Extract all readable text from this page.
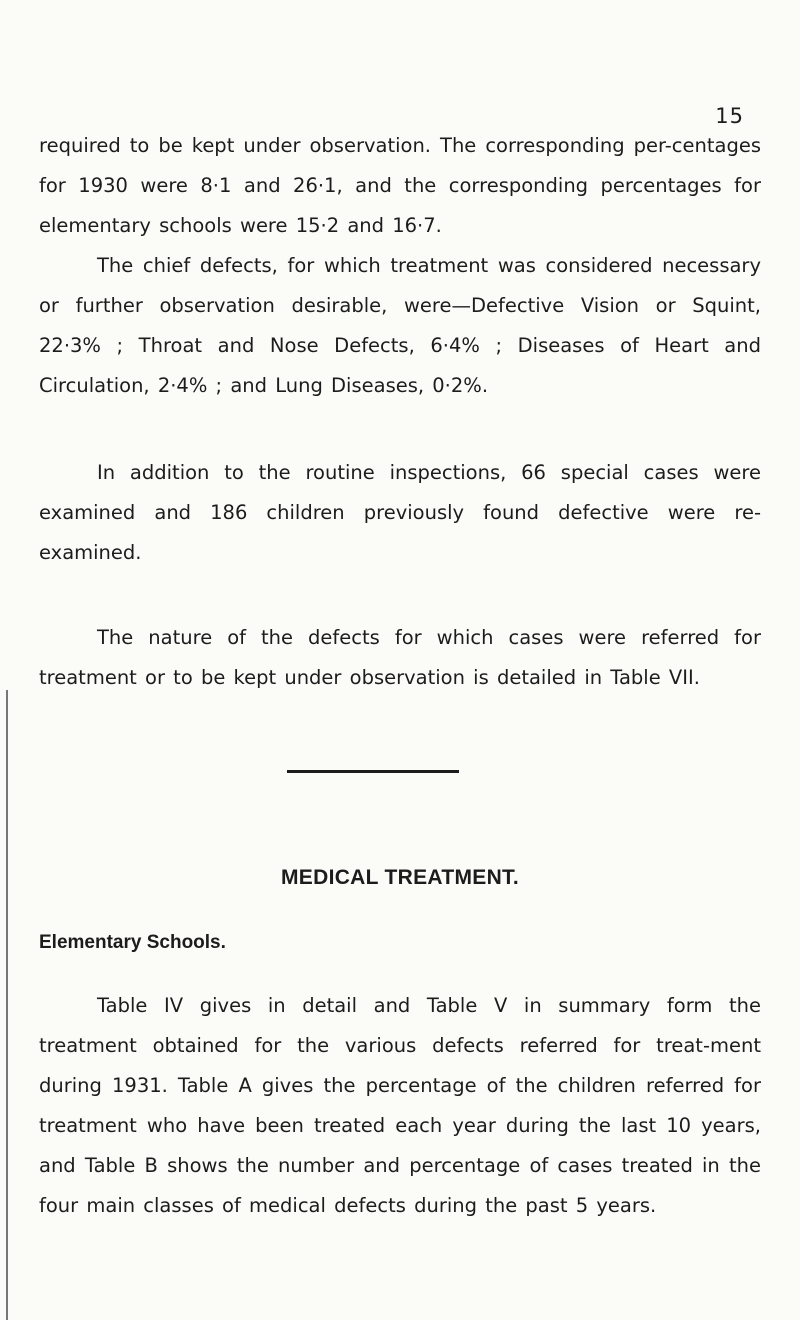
15

required to be kept under observation. The corresponding per-centages for 1930 were 8·1 and 26·1, and the corresponding percentages for elementary schools were 15·2 and 16·7.

The chief defects, for which treatment was considered necessary or further observation desirable, were—Defective Vision or Squint, 22·3% ; Throat and Nose Defects, 6·4% ; Diseases of Heart and Circulation, 2·4% ; and Lung Diseases, 0·2%.

In addition to the routine inspections, 66 special cases were examined and 186 children previously found defective were re-examined.

The nature of the defects for which cases were referred for treatment or to be kept under observation is detailed in Table VII.

MEDICAL TREATMENT.
Elementary Schools.

Table IV gives in detail and Table V in summary form the treatment obtained for the various defects referred for treat-ment during 1931. Table A gives the percentage of the children referred for treatment who have been treated each year during the last 10 years, and Table B shows the number and percentage of cases treated in the four main classes of medical defects during the past 5 years.
